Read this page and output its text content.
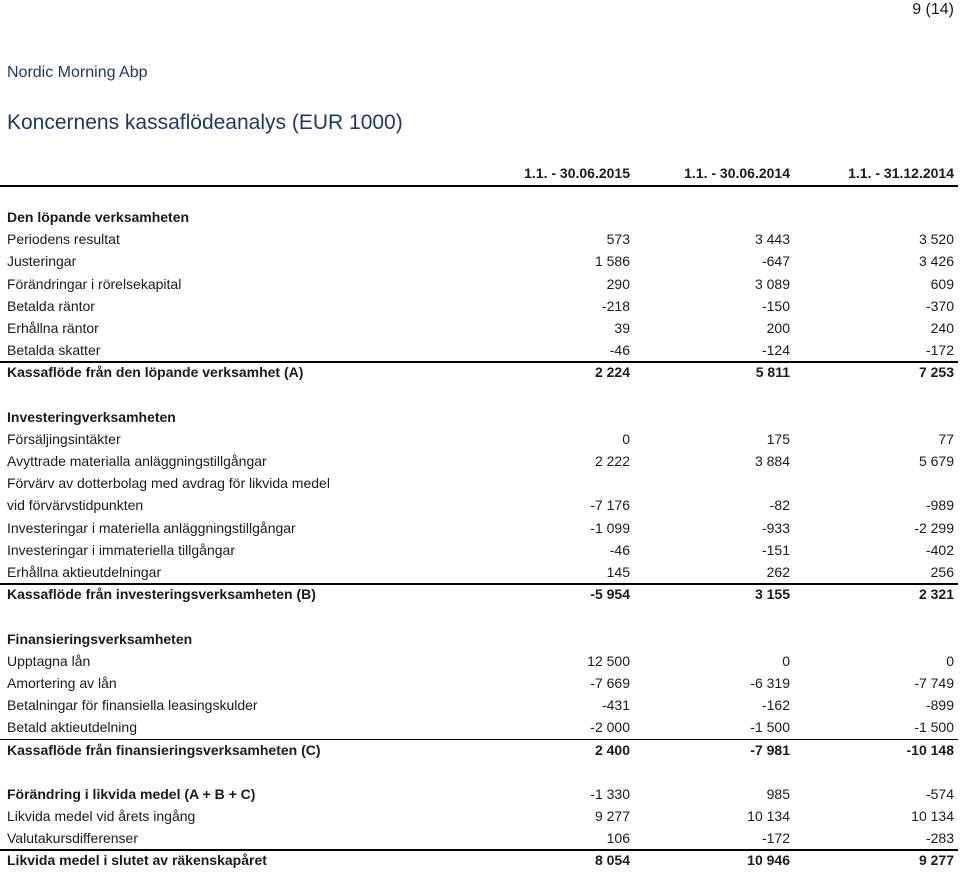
9 (14)
Nordic Morning Abp
Koncernens kassaflödeanalys (EUR 1000)
1.1. - 30.06.2015	1.1. - 30.06.2014	1.1. - 31.12.2014
Den löpande verksamheten
Periodens resultat	573	3 443	3 520
Justeringar	1 586	-647	3 426
Förändringar i rörelsekapital	290	3 089	609
Betalda räntor	-218	-150	-370
Erhållna räntor	39	200	240
Betalda skatter	-46	-124	-172
Kassaflöde från den löpande verksamhet (A)	2 224	5 811	7 253
Investeringverksamheten
Försäljingsintäkter	0	175	77
Avyttrade materialla anläggningstillgångar	2 222	3 884	5 679
Förvärv av dotterbolag med avdrag för likvida medel
vid förvärvstidpunkten	-7 176	-82	-989
Investeringar i materiella anläggningstillgångar	-1 099	-933	-2 299
Investeringar i immateriella tillgångar	-46	-151	-402
Erhållna aktieutdelningar	145	262	256
Kassaflöde från investeringsverksamheten (B)	-5 954	3 155	2 321
Finansieringsverksamheten
Upptagna lån	12 500	0	0
Amortering av lån	-7 669	-6 319	-7 749
Betalningar för finansiella leasingskulder	-431	-162	-899
Betald aktieutdelning	-2 000	-1 500	-1 500
Kassaflöde från finansieringsverksamheten (C)	2 400	-7 981	-10 148
Förändring i likvida medel (A + B + C)	-1 330	985	-574
Likvida medel vid årets ingång	9 277	10 134	10 134
Valutakursdifferenser	106	-172	-283
Likvida medel i slutet av räkenskapåret	8 054	10 946	9 277
